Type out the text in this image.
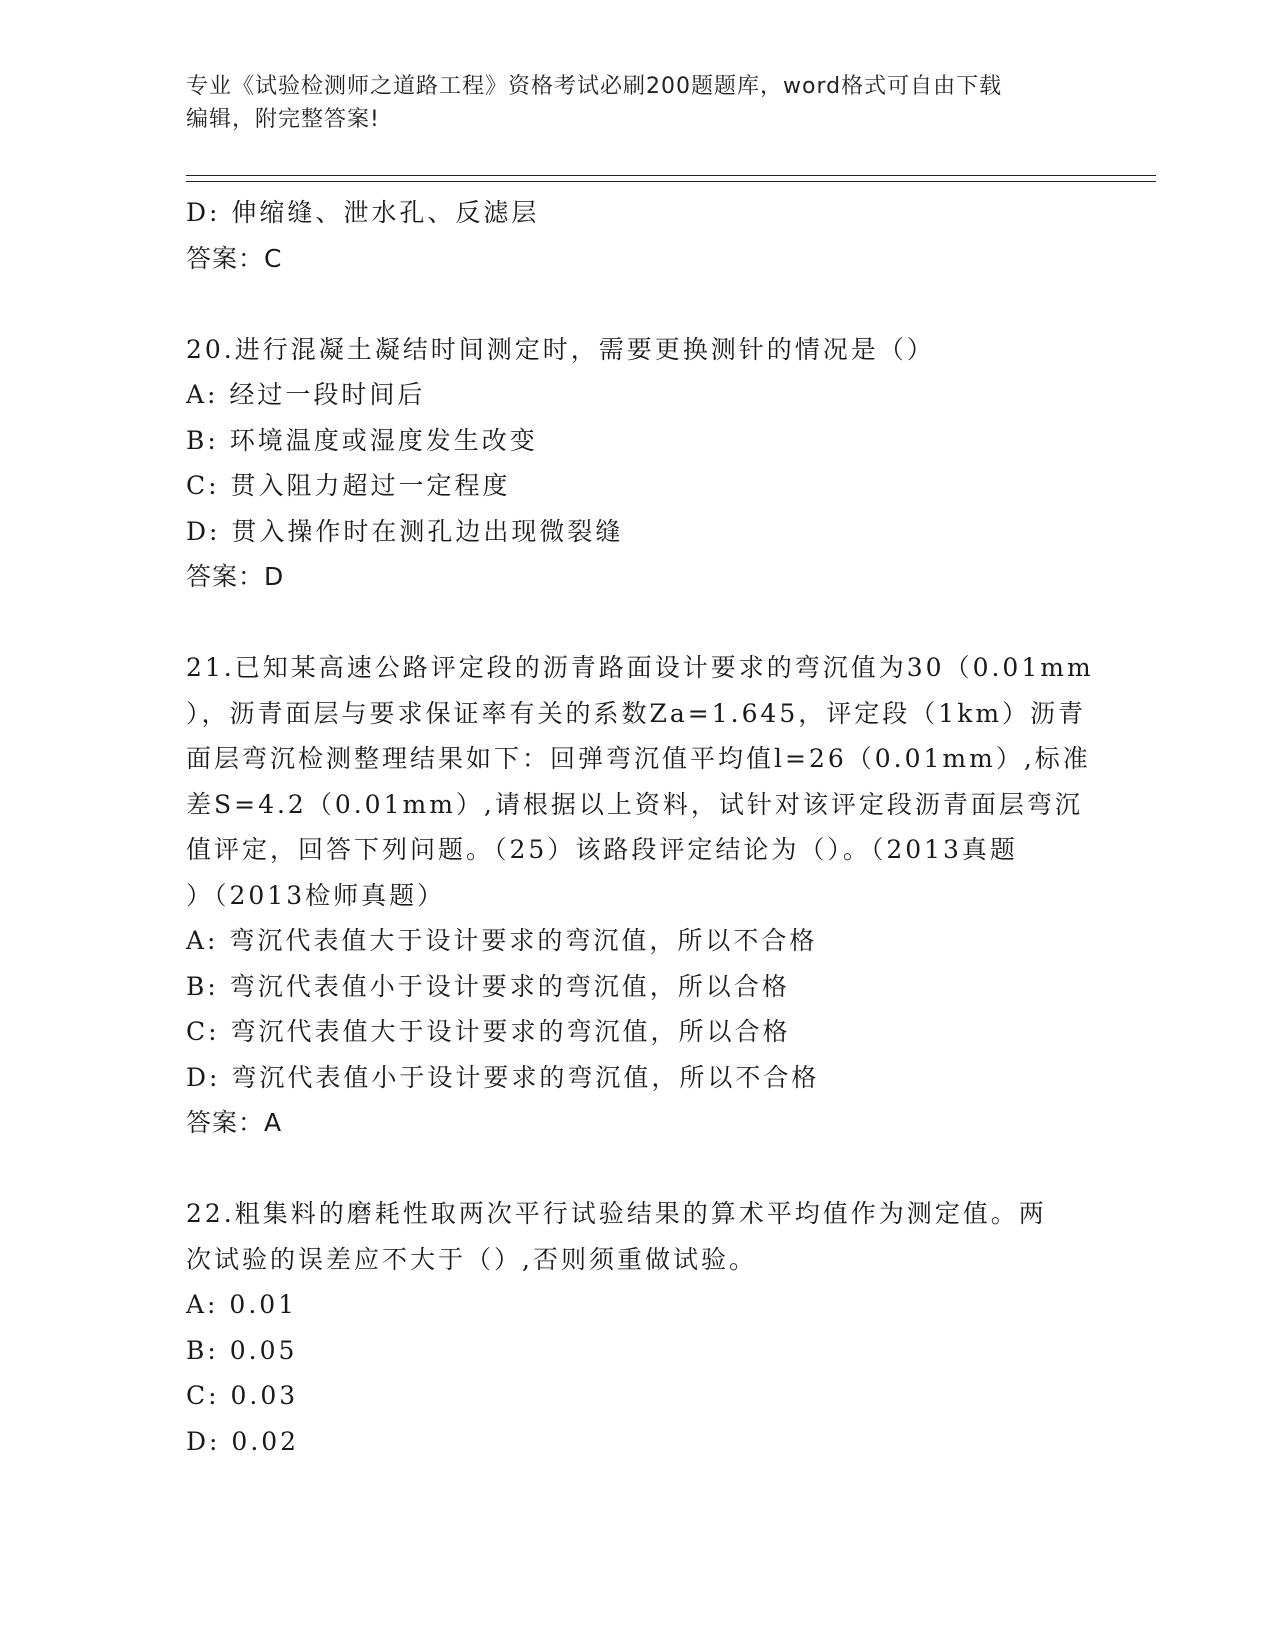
专业《试验检测师之道路工程》资格考试必刷200题题库，word格式可自由下载
编辑，附完整答案!
D: 伸缩缝、泄水孔、反滤层
答案：C
20.进行混凝土凝结时间测定时，需要更换测针的情况是（）
A: 经过一段时间后
B: 环境温度或湿度发生改变
C: 贯入阻力超过一定程度
D: 贯入操作时在测孔边出现微裂缝
答案：D
21.已知某高速公路评定段的沥青路面设计要求的弯沉值为30（0.01mm
），沥青面层与要求保证率有关的系数Za=1.645，评定段（1km）沥青
面层弯沉检测整理结果如下：回弹弯沉值平均值l=26（0.01mm）,标准
差S=4.2（0.01mm）,请根据以上资料，试针对该评定段沥青面层弯沉
值评定，回答下列问题。（25）该路段评定结论为（）。（2013真题
）（2013检师真题）
A: 弯沉代表值大于设计要求的弯沉值，所以不合格
B: 弯沉代表值小于设计要求的弯沉值，所以合格
C: 弯沉代表值大于设计要求的弯沉值，所以合格
D: 弯沉代表值小于设计要求的弯沉值，所以不合格
答案：A
22.粗集料的磨耗性取两次平行试验结果的算术平均值作为测定值。两
次试验的误差应不大于（）,否则须重做试验。
A: 0.01
B: 0.05
C: 0.03
D: 0.02
